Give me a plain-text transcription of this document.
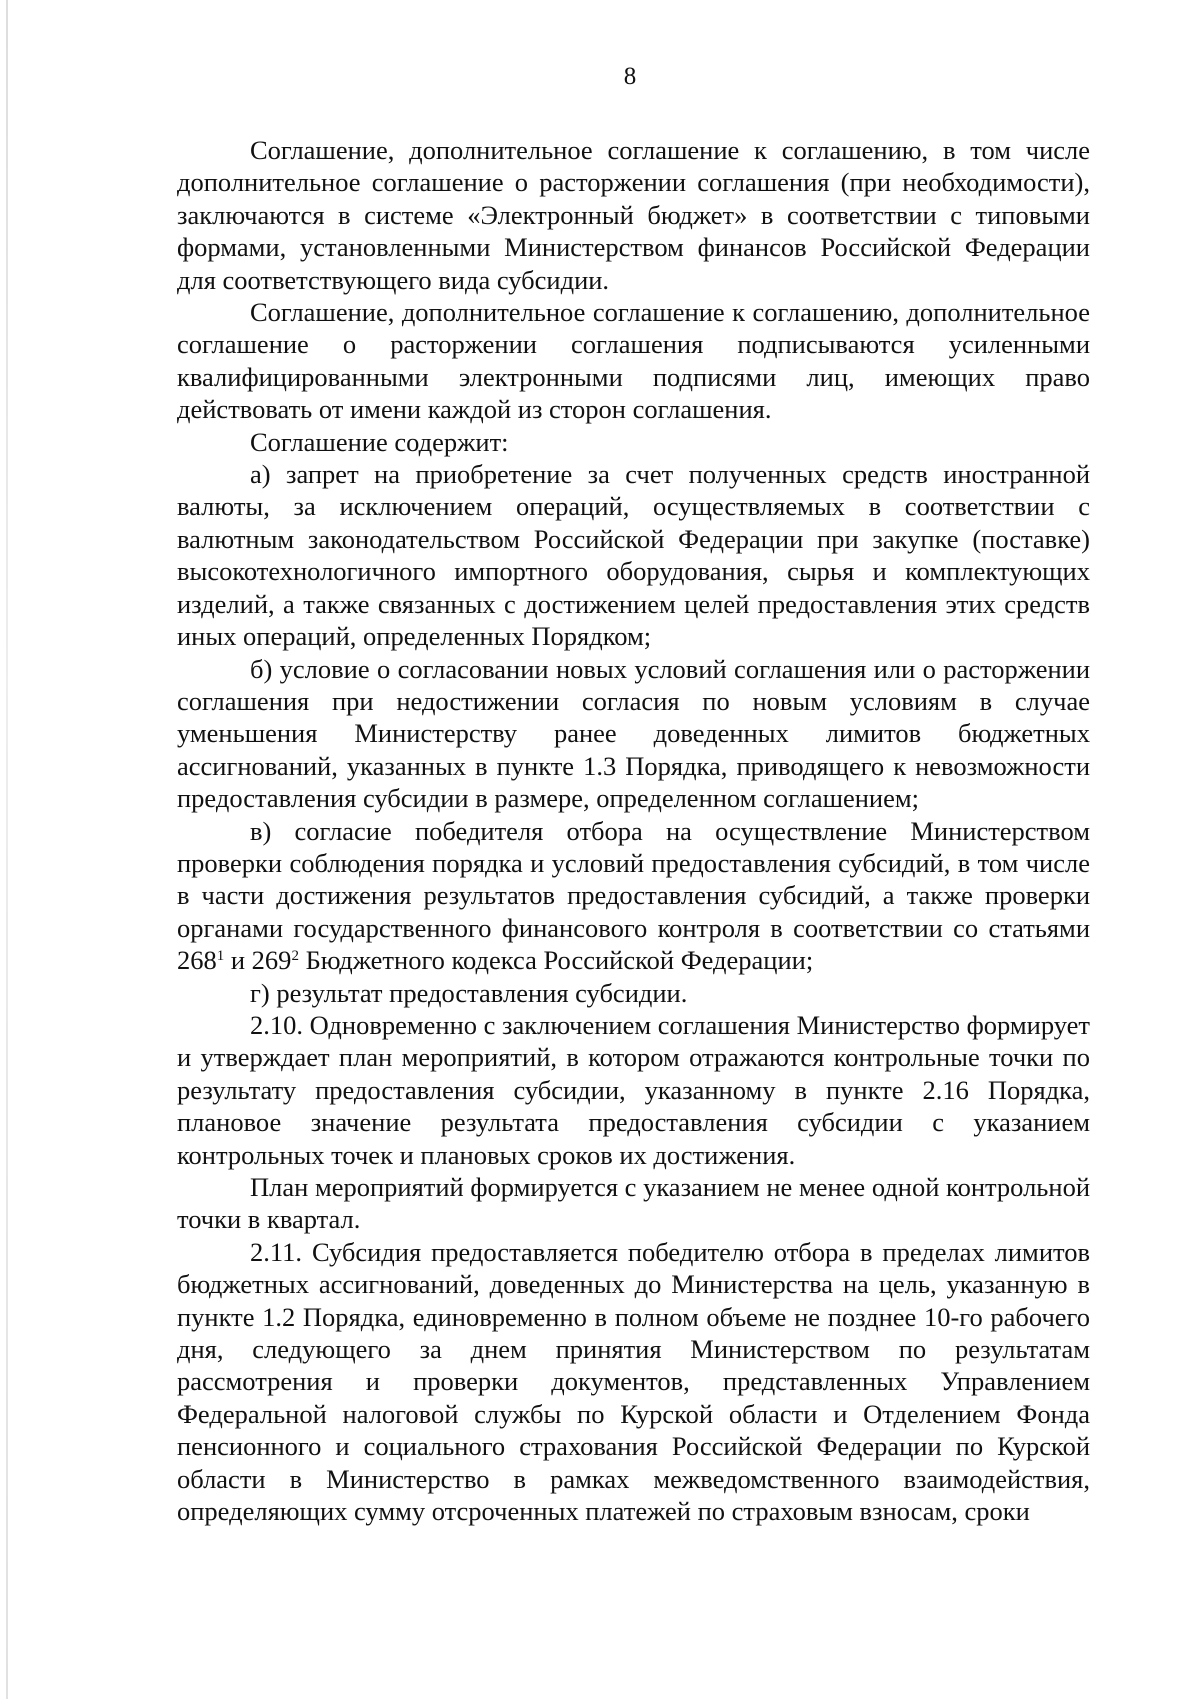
8

Соглашение, дополнительное соглашение к соглашению, в том числе дополнительное соглашение о расторжении соглашения (при необходимости), заключаются в системе «Электронный бюджет» в соответствии с типовыми формами, установленными Министерством финансов Российской Федерации для соответствующего вида субсидии.

Соглашение, дополнительное соглашение к соглашению, дополнительное соглашение о расторжении соглашения подписываются усиленными квалифицированными электронными подписями лиц, имеющих право действовать от имени каждой из сторон соглашения.

Соглашение содержит:

а) запрет на приобретение за счет полученных средств иностранной валюты, за исключением операций, осуществляемых в соответствии с валютным законодательством Российской Федерации при закупке (поставке) высокотехнологичного импортного оборудования, сырья и комплектующих изделий, а также связанных с достижением целей предоставления этих средств иных операций, определенных Порядком;

б) условие о согласовании новых условий соглашения или о расторжении соглашения при недостижении согласия по новым условиям в случае уменьшения Министерству ранее доведенных лимитов бюджетных ассигнований, указанных в пункте 1.3 Порядка, приводящего к невозможности предоставления субсидии в размере, определенном соглашением;

в) согласие победителя отбора на осуществление Министерством проверки соблюдения порядка и условий предоставления субсидий, в том числе в части достижения результатов предоставления субсидий, а также проверки органами государственного финансового контроля в соответствии со статьями $268^1$ и $269^2$ Бюджетного кодекса Российской Федерации;

г) результат предоставления субсидии.

2.10. Одновременно с заключением соглашения Министерство формирует и утверждает план мероприятий, в котором отражаются контрольные точки по результату предоставления субсидии, указанному в пункте 2.16 Порядка, плановое значение результата предоставления субсидии с указанием контрольных точек и плановых сроков их достижения.

План мероприятий формируется с указанием не менее одной контрольной точки в квартал.

2.11. Субсидия предоставляется победителю отбора в пределах лимитов бюджетных ассигнований, доведенных до Министерства на цель, указанную в пункте 1.2 Порядка, единовременно в полном объеме не позднее 10-го рабочего дня, следующего за днем принятия Министерством по результатам рассмотрения и проверки документов, представленных Управлением Федеральной налоговой службы по Курской области и Отделением Фонда пенсионного и социального страхования Российской Федерации по Курской области в Министерство в рамках межведомственного взаимодействия, определяющих сумму отсроченных платежей по страховым взносам, сроки
